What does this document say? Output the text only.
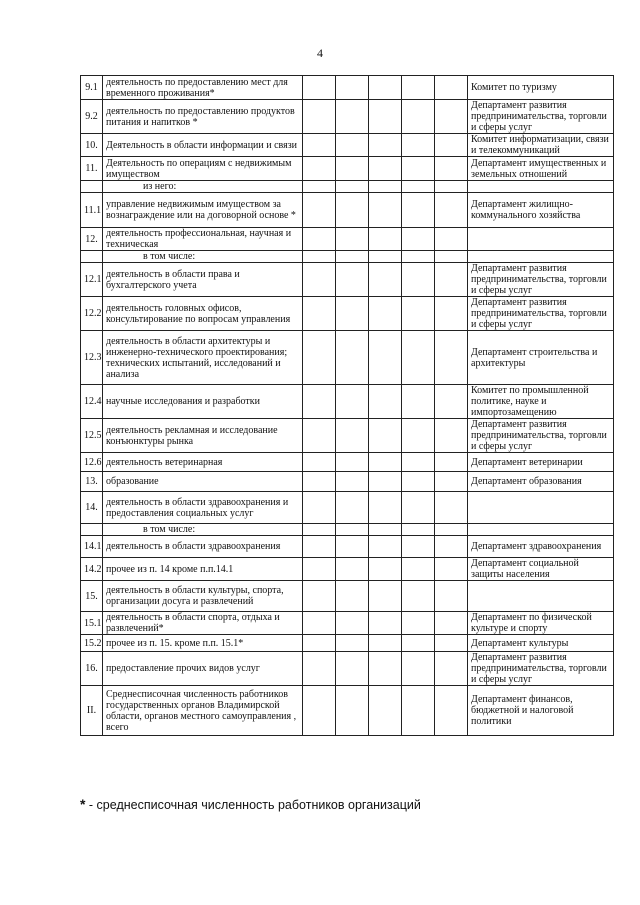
4
9.1	деятельность по предоставлению мест для временного проживания*						Комитет по туризму
9.2	деятельность по предоставлению продуктов питания и напитков *						Департамент развития предпринимательства, торговли и сферы услуг
10.	Деятельность в области информации и связи						Комитет информатизации, связи и телекоммуникаций
11.	Деятельность по операциям с недвижимым имуществом						Департамент имущественных и земельных отношений
	из него:						
11.1	управление недвижимым имуществом за вознаграждение или на договорной основе *						Департамент жилищно-коммунального хозяйства
12.	деятельность профессиональная, научная и техническая						
	в том числе:						
12.1	деятельность в области права и бухгалтерского учета						Департамент развития предпринимательства, торговли и сферы услуг
12.2	деятельность головных офисов, консультирование по вопросам управления						Департамент развития предпринимательства, торговли и сферы услуг
12.3	деятельность в области архитектуры и инженерно-технического проектирования; технических испытаний, исследований и анализа						Департамент строительства и архитектуры
12.4	научные исследования и разработки						Комитет по промышленной политике, науке и импортозамещению
12.5	деятельность рекламная и исследование конъюнктуры рынка						Департамент развития предпринимательства, торговли и сферы услуг
12.6	деятельность ветеринарная						Департамент ветеринарии
13.	образование						Департамент образования
14.	деятельность в области здравоохранения и предоставления социальных услуг						
	в том числе:						
14.1	деятельность в области здравоохранения						Департамент здравоохранения
14.2	прочее из п. 14 кроме п.п.14.1						Департамент социальной защиты населения
15.	деятельность в области культуры, спорта, организации досуга и развлечений						
15.1	деятельность в области спорта, отдыха и развлечений*						Департамент по физической культуре и спорту
15.2	прочее из п. 15. кроме п.п. 15.1*						Департамент культуры
16.	предоставление прочих видов услуг						Департамент развития предпринимательства, торговли и сферы услуг
II.	Среднесписочная численность работников государственных органов Владимирской области, органов местного самоуправления , всего						Департамент финансов, бюджетной и налоговой политики
* - среднесписочная численность работников организаций
